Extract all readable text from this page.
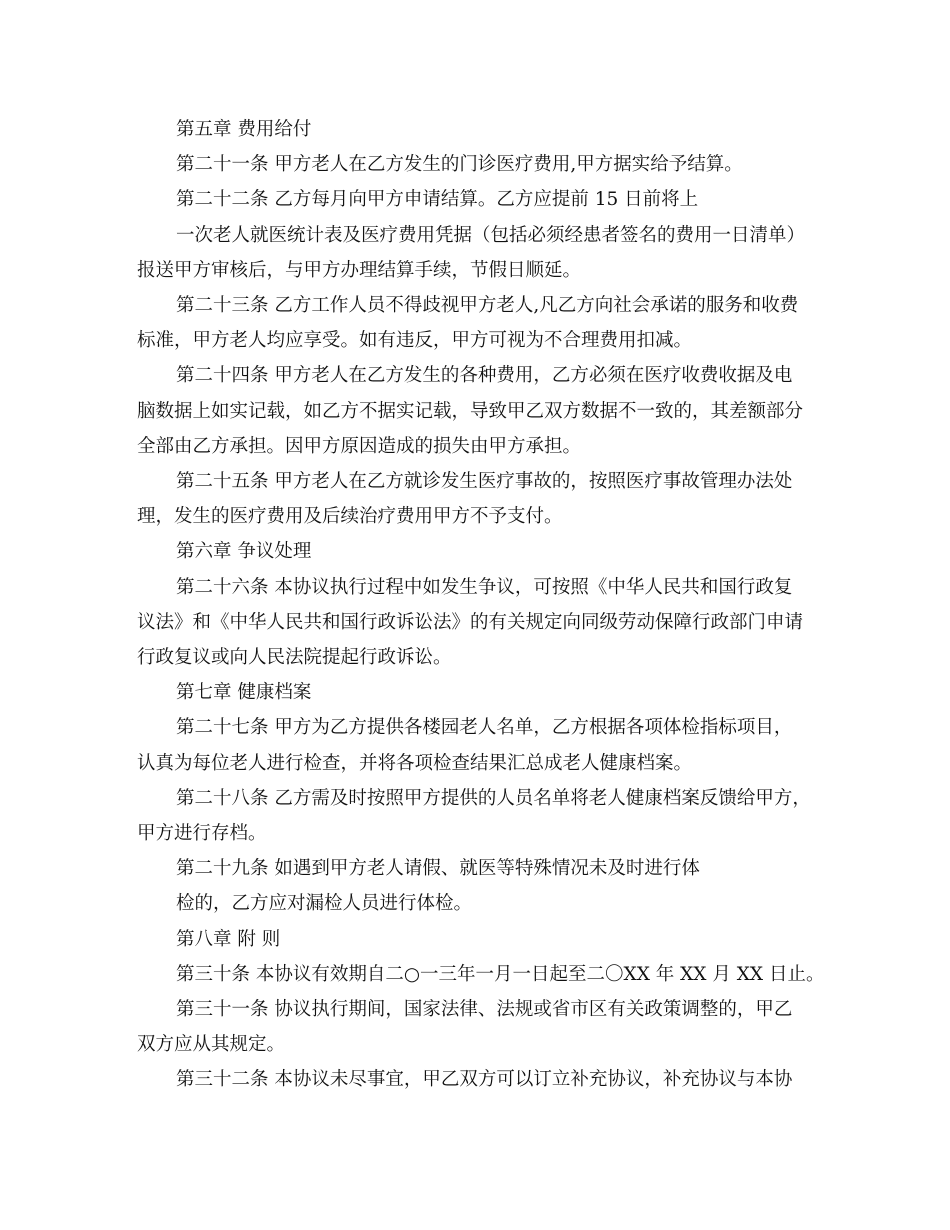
第五章 费用给付
第二十一条 甲方老人在乙方发生的门诊医疗费用,甲方据实给予结算。
第二十二条 乙方每月向甲方申请结算。乙方应提前 15 日前将上
一次老人就医统计表及医疗费用凭据（包括必须经患者签名的费用一日清单）
报送甲方审核后，与甲方办理结算手续，节假日顺延。
第二十三条 乙方工作人员不得歧视甲方老人,凡乙方向社会承诺的服务和收费
标准，甲方老人均应享受。如有违反，甲方可视为不合理费用扣减。
第二十四条 甲方老人在乙方发生的各种费用，乙方必须在医疗收费收据及电
脑数据上如实记载，如乙方不据实记载，导致甲乙双方数据不一致的，其差额部分
全部由乙方承担。因甲方原因造成的损失由甲方承担。
第二十五条 甲方老人在乙方就诊发生医疗事故的，按照医疗事故管理办法处
理，发生的医疗费用及后续治疗费用甲方不予支付。
第六章 争议处理
第二十六条 本协议执行过程中如发生争议，可按照《中华人民共和国行政复
议法》和《中华人民共和国行政诉讼法》的有关规定向同级劳动保障行政部门申请
行政复议或向人民法院提起行政诉讼。
第七章 健康档案
第二十七条 甲方为乙方提供各楼园老人名单，乙方根据各项体检指标项目，
认真为每位老人进行检查，并将各项检查结果汇总成老人健康档案。
第二十八条 乙方需及时按照甲方提供的人员名单将老人健康档案反馈给甲方，
甲方进行存档。
第二十九条 如遇到甲方老人请假、就医等特殊情况未及时进行体
检的，乙方应对漏检人员进行体检。
第八章 附 则
第三十条 本协议有效期自二○一三年一月一日起至二〇XX 年 XX 月 XX 日止。
第三十一条 协议执行期间，国家法律、法规或省市区有关政策调整的，甲乙
双方应从其规定。
第三十二条 本协议未尽事宜，甲乙双方可以订立补充协议，补充协议与本协
